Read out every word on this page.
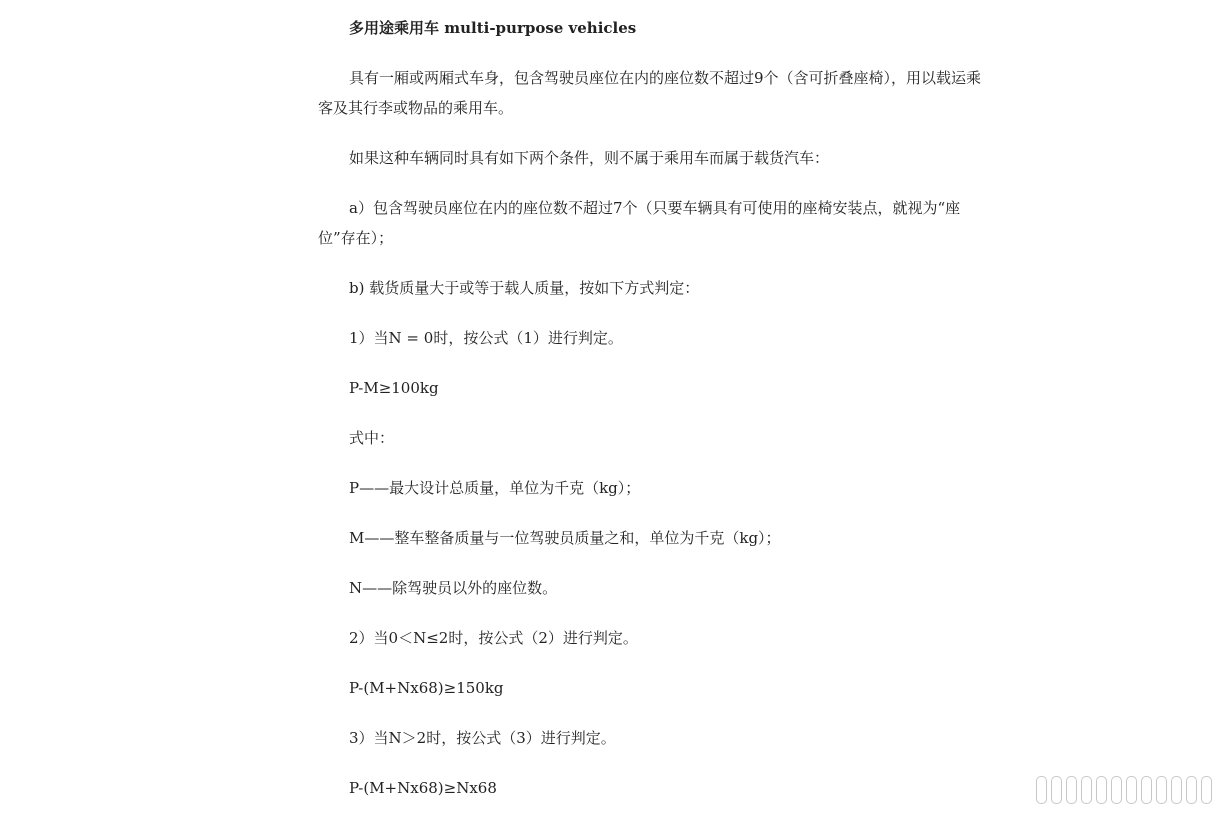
多用途乘用车 multi-purpose vehicles

具有一厢或两厢式车身，包含驾驶员座位在内的座位数不超过9个（含可折叠座椅），用以载运乘客及其行李或物品的乘用车。

如果这种车辆同时具有如下两个条件，则不属于乘用车而属于载货汽车：

a）包含驾驶员座位在内的座位数不超过7个（只要车辆具有可使用的座椅安装点，就视为“座位”存在）；

b) 载货质量大于或等于载人质量，按如下方式判定：

1）当N = 0时，按公式（1）进行判定。

P-M≥100kg

式中：

P——最大设计总质量，单位为千克（kg）；

M——整车整备质量与一位驾驶员质量之和，单位为千克（kg）；

N——除驾驶员以外的座位数。

2）当0＜N≤2时，按公式（2）进行判定。

P-(M+Nx68)≥150kg

3）当N＞2时，按公式（3）进行判定。

P-(M+Nx68)≥Nx68
